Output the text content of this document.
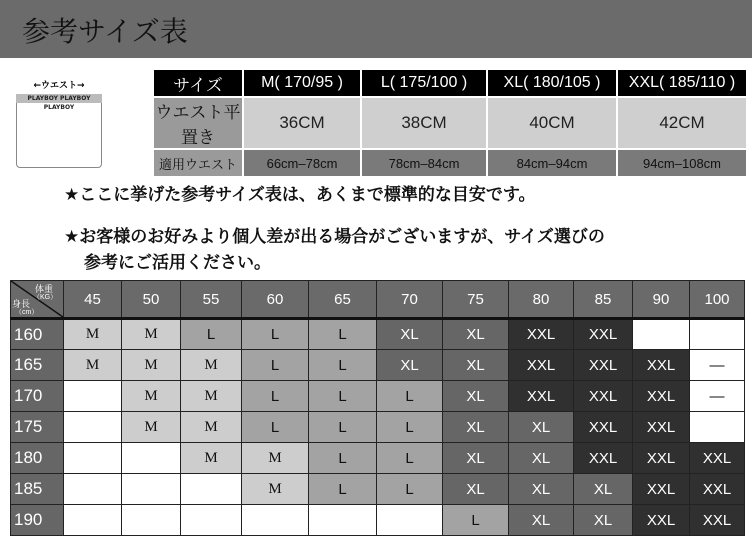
参考サイズ表
←ウエスト→
PLAYBOY PLAYBOY PLAYBOY
サイズ	M( 170/95 )	L( 175/100 )	XL( 180/105 )	XXL( 185/110 )
ウエスト平置き	36CM	38CM	40CM	42CM
適用ウエスト	66cm–78cm	78cm–84cm	84cm–94cm	94cm–108cm
★ここに挙げた参考サイズ表は、あくまで標準的な目安です。
★お客様のお好みより個人差が出る場合がございますが、サイズ選びの
参考にご活用ください。
体重
（KG）
身長
（cm）	45	50	55	60	65	70	75	80	85	90	100
160	M	M	L	L	L	XL	XL	XXL	XXL		
165	M	M	M	L	L	XL	XL	XXL	XXL	XXL	—
170		M	M	L	L	L	XL	XXL	XXL	XXL	—
175		M	M	L	L	L	XL	XL	XXL	XXL	
180			M	M	L	L	XL	XL	XXL	XXL	XXL
185				M	L	L	XL	XL	XL	XXL	XXL
190							L	XL	XL	XXL	XXL
